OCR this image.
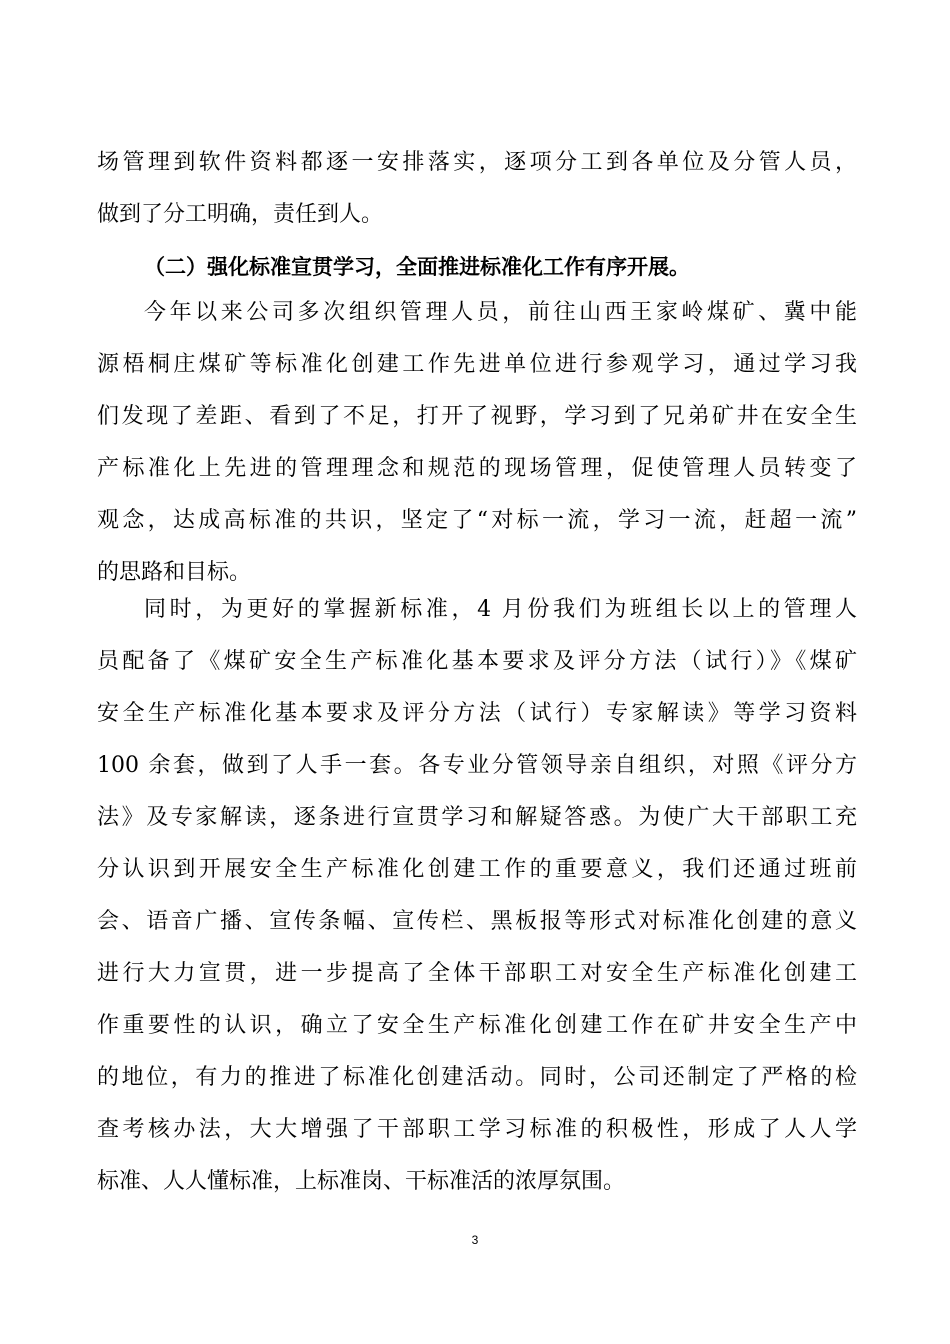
场管理到软件资料都逐一安排落实，逐项分工到各单位及分管人员，
做到了分工明确，责任到人。
（二）强化标准宣贯学习，全面推进标准化工作有序开展。
今年以来公司多次组织管理人员，前往山西王家岭煤矿、冀中能
源梧桐庄煤矿等标准化创建工作先进单位进行参观学习，通过学习我
们发现了差距、看到了不足，打开了视野，学习到了兄弟矿井在安全生
产标准化上先进的管理理念和规范的现场管理，促使管理人员转变了
观念，达成高标准的共识，坚定了“对标一流，学习一流，赶超一流”
的思路和目标。
同时，为更好的掌握新标准，4 月份我们为班组长以上的管理人
员配备了《煤矿安全生产标准化基本要求及评分方法（试行）》《煤矿
安全生产标准化基本要求及评分方法（试行）专家解读》等学习资料
100 余套，做到了人手一套。各专业分管领导亲自组织，对照《评分方
法》及专家解读，逐条进行宣贯学习和解疑答惑。为使广大干部职工充
分认识到开展安全生产标准化创建工作的重要意义，我们还通过班前
会、语音广播、宣传条幅、宣传栏、黑板报等形式对标准化创建的意义
进行大力宣贯，进一步提高了全体干部职工对安全生产标准化创建工
作重要性的认识，确立了安全生产标准化创建工作在矿井安全生产中
的地位，有力的推进了标准化创建活动。同时，公司还制定了严格的检
查考核办法，大大增强了干部职工学习标准的积极性，形成了人人学
标准、人人懂标准，上标准岗、干标准活的浓厚氛围。
3
